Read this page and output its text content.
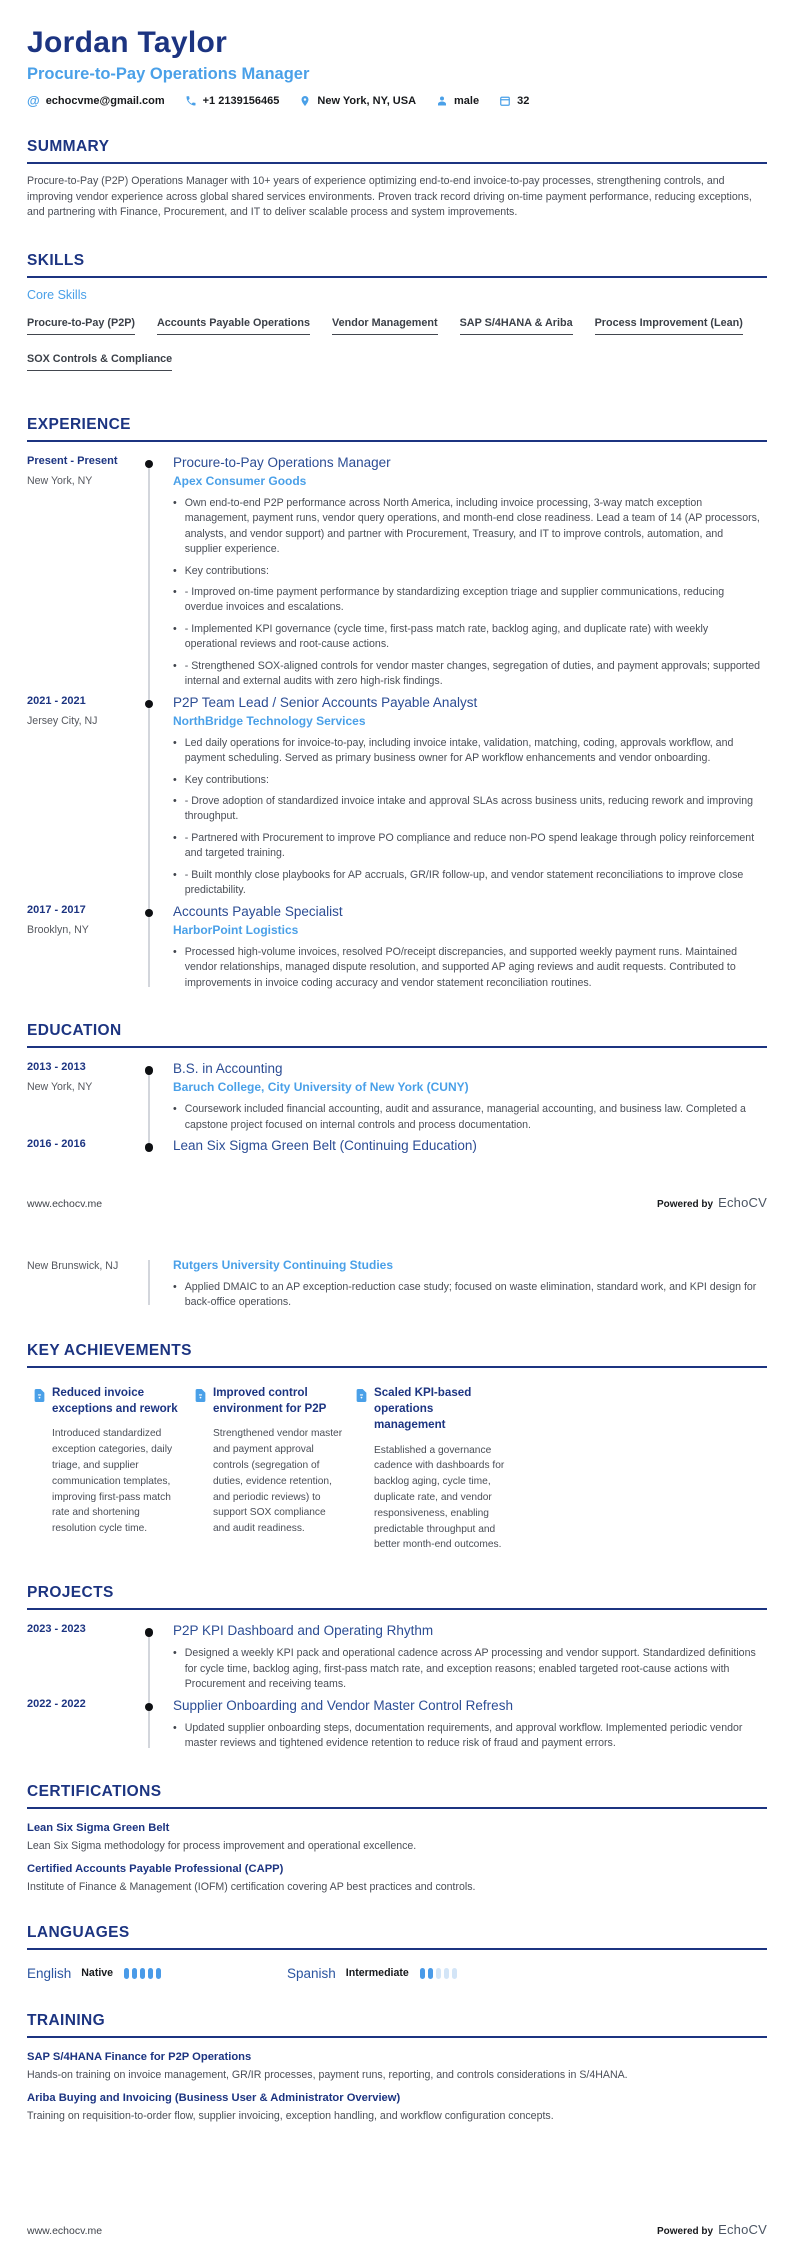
Jordan Taylor
Procure-to-Pay Operations Manager
@ echocvme@gmail.com	+1 2139156465	New York, NY, USA	male	32
SUMMARY

Procure-to-Pay (P2P) Operations Manager with 10+ years of experience optimizing end-to-end invoice-to-pay processes, strengthening controls, and improving vendor experience across global shared services environments. Proven track record driving on-time payment performance, reducing exceptions, and partnering with Finance, Procurement, and IT to deliver scalable process and system improvements.

SKILLS
Core Skills
Procure-to-Pay (P2P) Accounts Payable Operations Vendor Management SAP S/4HANA & Ariba Process Improvement (Lean)SOX Controls & Compliance
EXPERIENCE
Present - Present
New York, NY
Procure-to-Pay Operations Manager
Apex Consumer Goods
• Own end-to-end P2P performance across North America, including invoice processing, 3-way match exception management, payment runs, vendor query operations, and month-end close readiness. Lead a team of 14 (AP processors, analysts, and vendor support) and partner with Procurement, Treasury, and IT to improve controls, automation, and supplier experience.
• Key contributions:
• - Improved on-time payment performance by standardizing exception triage and supplier communications, reducing overdue invoices and escalations.
• - Implemented KPI governance (cycle time, first-pass match rate, backlog aging, and duplicate rate) with weekly operational reviews and root-cause actions.
• - Strengthened SOX-aligned controls for vendor master changes, segregation of duties, and payment approvals; supported internal and external audits with zero high-risk findings.
2021 - 2021
Jersey City, NJ
P2P Team Lead / Senior Accounts Payable Analyst
NorthBridge Technology Services
• Led daily operations for invoice-to-pay, including invoice intake, validation, matching, coding, approvals workflow, and payment scheduling. Served as primary business owner for AP workflow enhancements and vendor onboarding.
• Key contributions:
• - Drove adoption of standardized invoice intake and approval SLAs across business units, reducing rework and improving throughput.
• - Partnered with Procurement to improve PO compliance and reduce non-PO spend leakage through policy reinforcement and targeted training.
• - Built monthly close playbooks for AP accruals, GR/IR follow-up, and vendor statement reconciliations to improve close predictability.
2017 - 2017
Brooklyn, NY
Accounts Payable Specialist
HarborPoint Logistics
• Processed high-volume invoices, resolved PO/receipt discrepancies, and supported weekly payment runs. Maintained vendor relationships, managed dispute resolution, and supported AP aging reviews and audit requests. Contributed to improvements in invoice coding accuracy and vendor statement reconciliation routines.
EDUCATION
2013 - 2013
New York, NY
B.S. in Accounting
Baruch College, City University of New York (CUNY)
• Coursework included financial accounting, audit and assurance, managerial accounting, and business law. Completed a capstone project focused on internal controls and process documentation.
2016 - 2016	Lean Six Sigma Green Belt (Continuing Education)
www.echocv.me	Powered by EchoCV
New Brunswick, NJ	Rutgers University Continuing Studies
• Applied DMAIC to an AP exception-reduction case study; focused on waste elimination, standard work, and KPI design for back-office operations.
KEY ACHIEVEMENTS
Reduced invoice exceptions and rework

Introduced standardized exception categories, daily triage, and supplier communication templates, improving first-pass match rate and shortening resolution cycle time.

Improved control environment for P2P

Strengthened vendor master and payment approval controls (segregation of duties, evidence retention, and periodic reviews) to support SOX compliance and audit readiness.

Scaled KPI-based operations management

Established a governance cadence with dashboards for backlog aging, cycle time, duplicate rate, and vendor responsiveness, enabling predictable throughput and better month-end outcomes.

PROJECTS
2023 - 2023	P2P KPI Dashboard and Operating Rhythm
• Designed a weekly KPI pack and operational cadence across AP processing and vendor support. Standardized definitions for cycle time, backlog aging, first-pass match rate, and exception reasons; enabled targeted root-cause actions with Procurement and receiving teams.
2022 - 2022	Supplier Onboarding and Vendor Master Control Refresh
• Updated supplier onboarding steps, documentation requirements, and approval workflow. Implemented periodic vendor master reviews and tightened evidence retention to reduce risk of fraud and payment errors.
CERTIFICATIONS
Lean Six Sigma Green Belt

Lean Six Sigma methodology for process improvement and operational excellence.

Certified Accounts Payable Professional (CAPP)

Institute of Finance & Management (IOFM) certification covering AP best practices and controls.

LANGUAGES
English Native	Spanish Intermediate
TRAINING
SAP S/4HANA Finance for P2P Operations

Hands-on training on invoice management, GR/IR processes, payment runs, reporting, and controls considerations in S/4HANA.

Ariba Buying and Invoicing (Business User & Administrator Overview)

Training on requisition-to-order flow, supplier invoicing, exception handling, and workflow configuration concepts.

www.echocv.me	Powered by EchoCV
